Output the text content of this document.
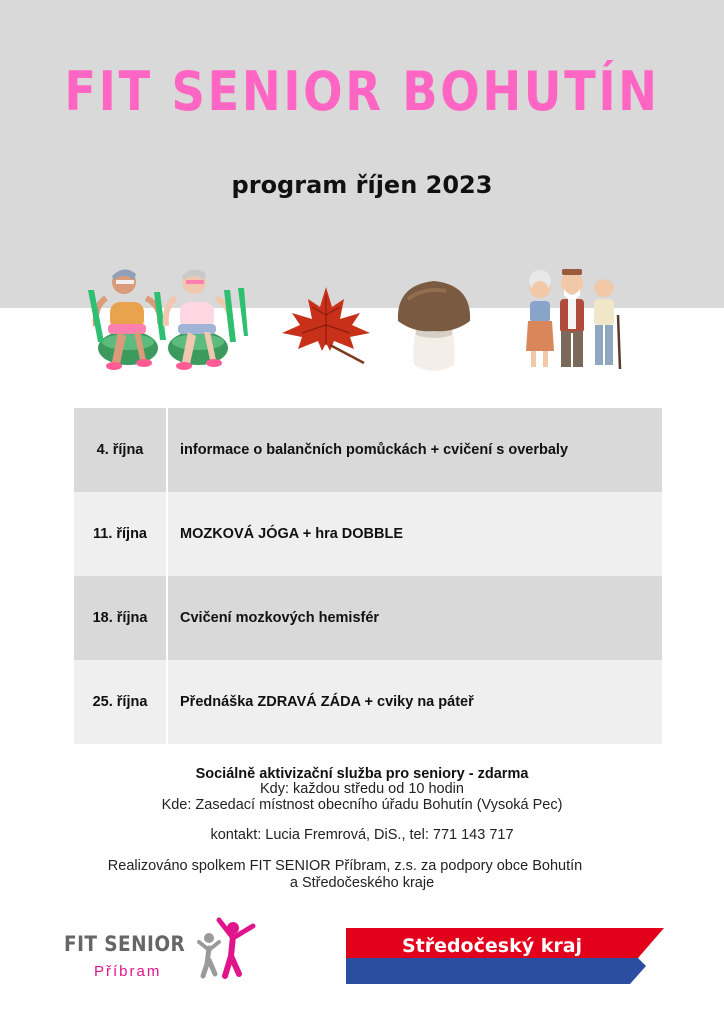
FIT SENIOR BOHUTÍN
program říjen 2023
4. října	informace o balančních pomůckách + cvičení s overbaly
11. října	MOZKOVÁ JÓGA + hra DOBBLE
18. října	Cvičení mozkových hemisfér
25. října	Přednáška ZDRAVÁ ZÁDA + cviky na páteř
Sociálně aktivizační služba pro seniory - zdarma
Kdy: každou středu od 10 hodin
Kde: Zasedací místnost obecního úřadu Bohutín (Vysoká Pec)
kontakt: Lucia Fremrová, DiS., tel: 771 143 717
Realizováno spolkem FIT SENIOR Příbram, z.s. za podpory obce Bohutín
a Středočeského kraje
FIT SENIOR
Příbram
Středočeský kraj
